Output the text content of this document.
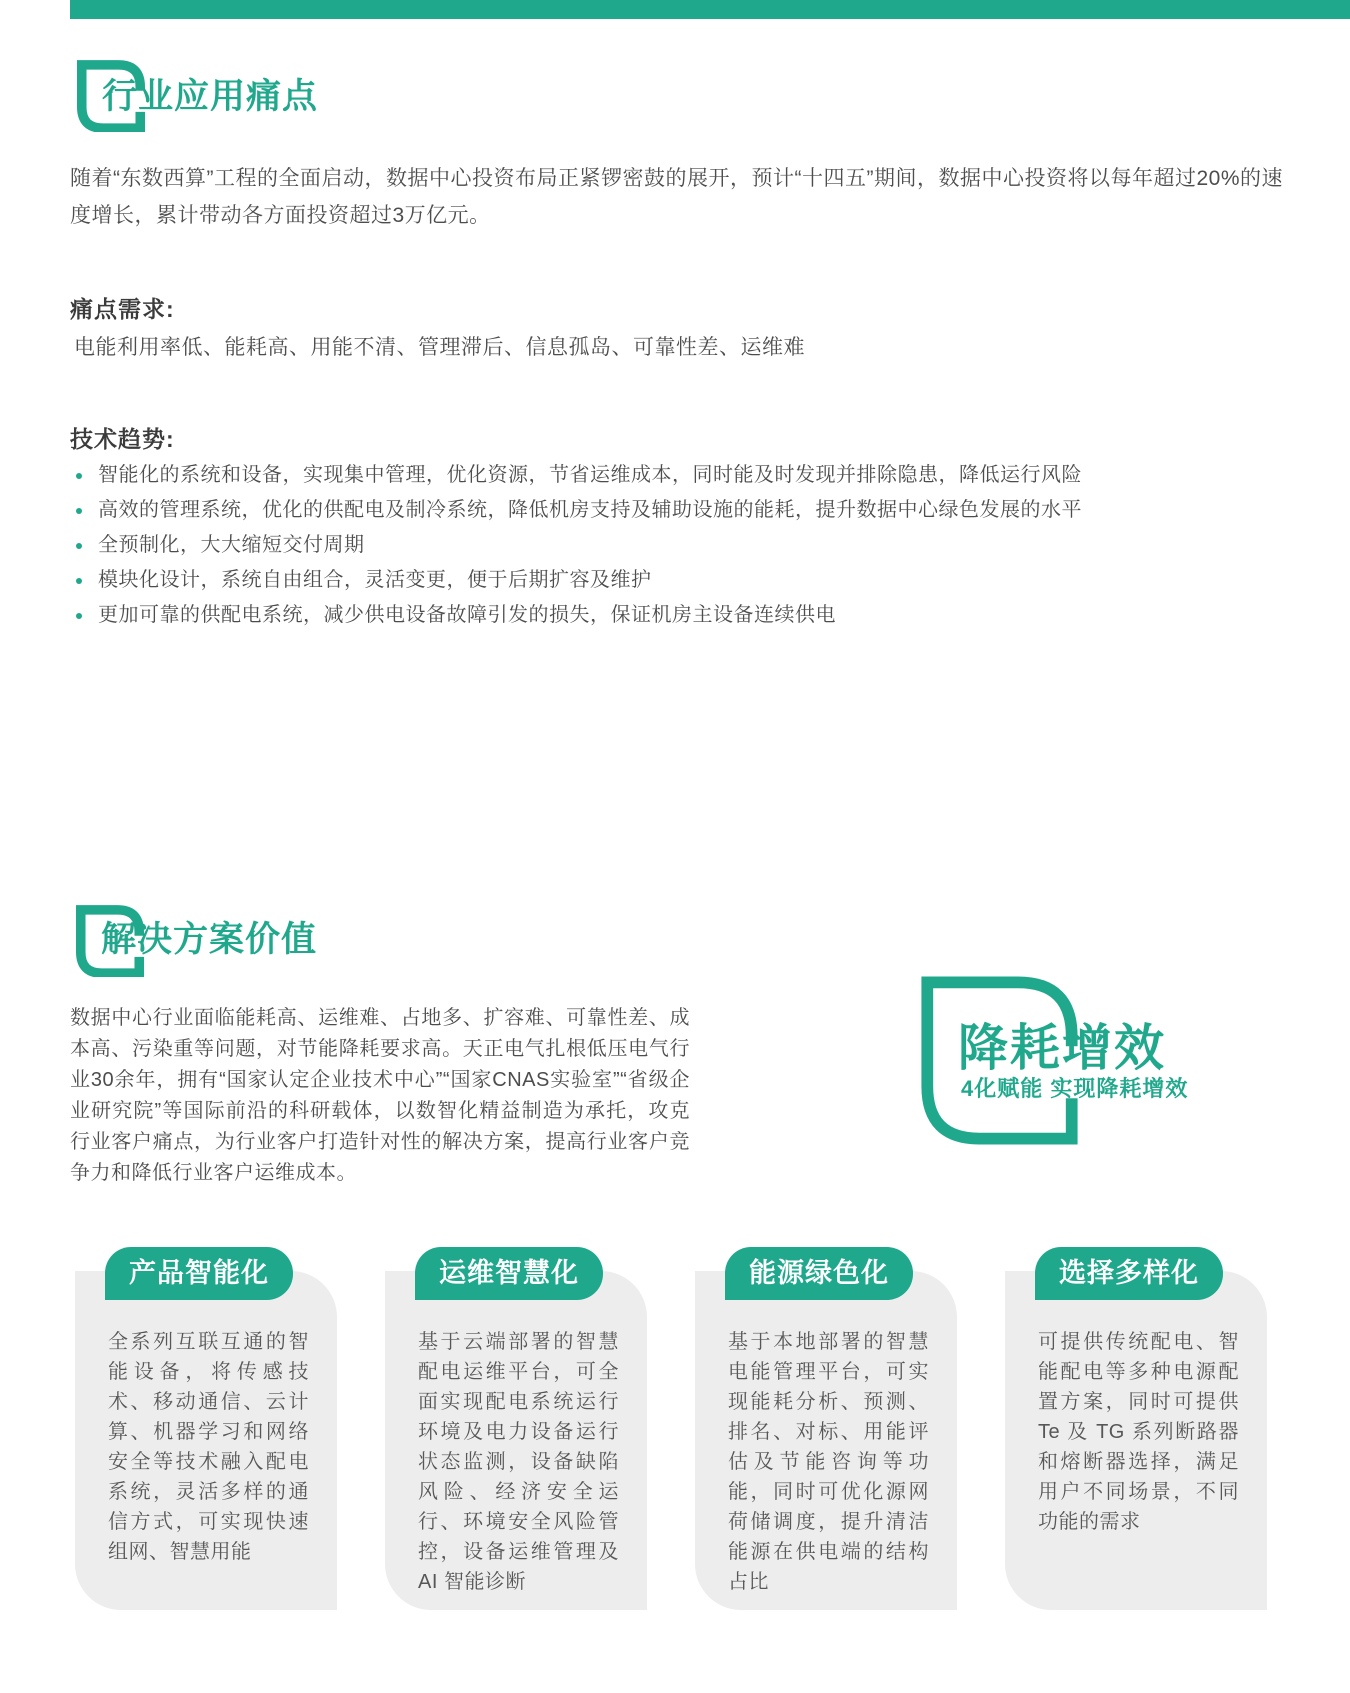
行业应用痛点
随着“东数西算”工程的全面启动，数据中心投资布局正紧锣密鼓的展开，预计“十四五”期间，数据中心投资将以每年超过20%的速度增长，累计带动各方面投资超过3万亿元。
痛点需求:
电能利用率低、能耗高、用能不清、管理滞后、信息孤岛、可靠性差、运维难
技术趋势:
智能化的系统和设备，实现集中管理，优化资源，节省运维成本，同时能及时发现并排除隐患，降低运行风险
高效的管理系统，优化的供配电及制冷系统，降低机房支持及辅助设施的能耗，提升数据中心绿色发展的水平
全预制化，大大缩短交付周期
模块化设计，系统自由组合，灵活变更，便于后期扩容及维护
更加可靠的供配电系统，减少供电设备故障引发的损失，保证机房主设备连续供电
解决方案价值
数据中心行业面临能耗高、运维难、占地多、扩容难、可靠性差、成本高、污染重等问题，对节能降耗要求高。天正电气扎根低压电气行业30余年，拥有“国家认定企业技术中心”“国家CNAS实验室”“省级企业研究院”等国际前沿的科研载体，以数智化精益制造为承托，攻克行业客户痛点，为行业客户打造针对性的解决方案，提高行业客户竞争力和降低行业客户运维成本。
降耗增效
4化赋能 实现降耗增效
产品智能化
全系列互联互通的智能设备，将传感技术、移动通信、云计算、机器学习和网络安全等技术融入配电系统，灵活多样的通信方式，可实现快速组网、智慧用能
运维智慧化
基于云端部署的智慧配电运维平台，可全面实现配电系统运行环境及电力设备运行状态监测，设备缺陷风险、经济安全运行、环境安全风险管控，设备运维管理及 AI 智能诊断
能源绿色化
基于本地部署的智慧电能管理平台，可实现能耗分析、预测、排名、对标、用能评估及节能咨询等功能，同时可优化源网荷储调度，提升清洁能源在供电端的结构占比
选择多样化
可提供传统配电、智能配电等多种电源配置方案，同时可提供 Te 及 TG 系列断路器和熔断器选择，满足用户不同场景，不同功能的需求
